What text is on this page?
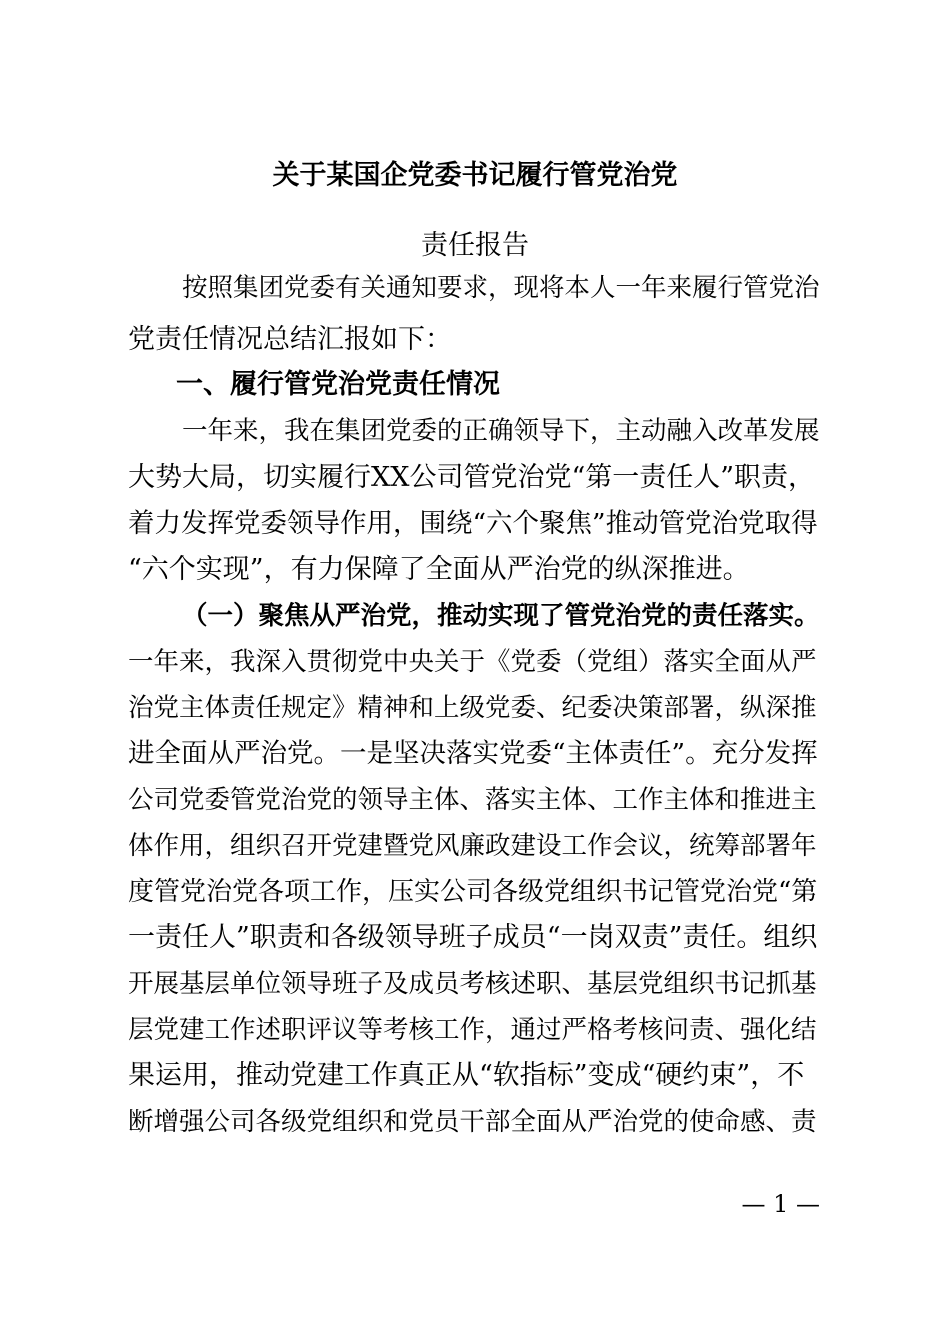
关于某国企党委书记履行管党治党
责任报告

按照集团党委有关通知要求，现将本人一年来履行管党治

党责任情况总结汇报如下：

一、履行管党治党责任情况

一年来，我在集团党委的正确领导下，主动融入改革发展

大势大局，切实履行XX公司管党治党“第一责任人”职责，

着力发挥党委领导作用，围绕“六个聚焦”推动管党治党取得

“六个实现”，有力保障了全面从严治党的纵深推进。

（一）聚焦从严治党，推动实现了管党治党的责任落实。

一年来，我深入贯彻党中央关于《党委（党组）落实全面从严

治党主体责任规定》精神和上级党委、纪委决策部署，纵深推

进全面从严治党。一是坚决落实党委“主体责任”。充分发挥

公司党委管党治党的领导主体、落实主体、工作主体和推进主

体作用，组织召开党建暨党风廉政建设工作会议，统筹部署年

度管党治党各项工作，压实公司各级党组织书记管党治党“第

一责任人”职责和各级领导班子成员“一岗双责”责任。组织

开展基层单位领导班子及成员考核述职、基层党组织书记抓基

层党建工作述职评议等考核工作，通过严格考核问责、强化结

果运用，推动党建工作真正从“软指标”变成“硬约束”，不

断增强公司各级党组织和党员干部全面从严治党的使命感、责

— 1 —
